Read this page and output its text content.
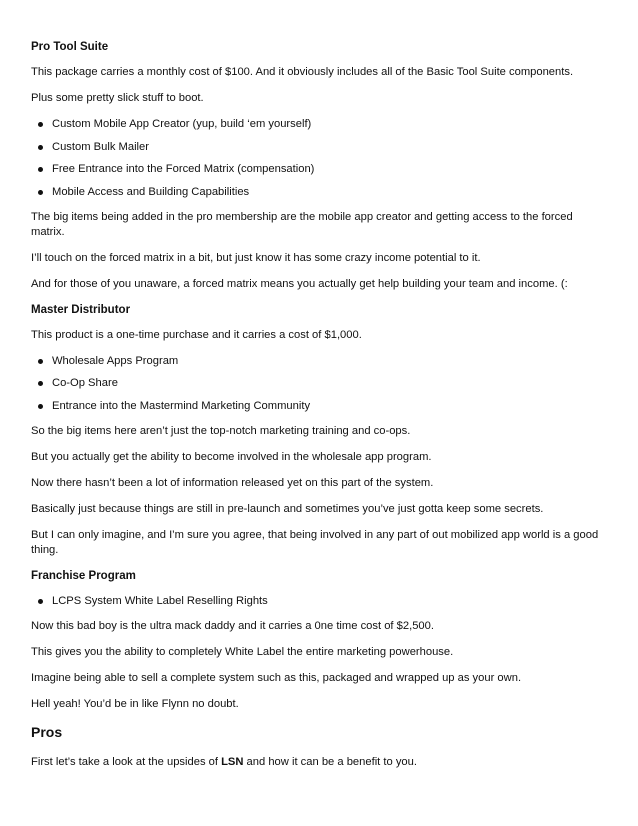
Pro Tool Suite

This package carries a monthly cost of $100. And it obviously includes all of the Basic Tool Suite components.

Plus some pretty slick stuff to boot.

Custom Mobile App Creator (yup, build ‘em yourself)
Custom Bulk Mailer
Free Entrance into the Forced Matrix (compensation)
Mobile Access and Building Capabilities

The big items being added in the pro membership are the mobile app creator and getting access to the forced matrix.

I’ll touch on the forced matrix in a bit, but just know it has some crazy income potential to it.

And for those of you unaware, a forced matrix means you actually get help building your team and income. (:

Master Distributor

This product is a one-time purchase and it carries a cost of $1,000.

Wholesale Apps Program
Co-Op Share
Entrance into the Mastermind Marketing Community

So the big items here aren’t just the top-notch marketing training and co-ops.

But you actually get the ability to become involved in the wholesale app program.

Now there hasn’t been a lot of information released yet on this part of the system.

Basically just because things are still in pre-launch and sometimes you’ve just gotta keep some secrets.

But I can only imagine, and I’m sure you agree, that being involved in any part of out mobilized app world is a good thing.

Franchise Program
LCPS System White Label Reselling Rights

Now this bad boy is the ultra mack daddy and it carries a 0ne time cost of $2,500.

This gives you the ability to completely White Label the entire marketing powerhouse.

Imagine being able to sell a complete system such as this, packaged and wrapped up as your own.

Hell yeah! You’d be in like Flynn no doubt.

Pros

First let’s take a look at the upsides of LSN and how it can be a benefit to you.
